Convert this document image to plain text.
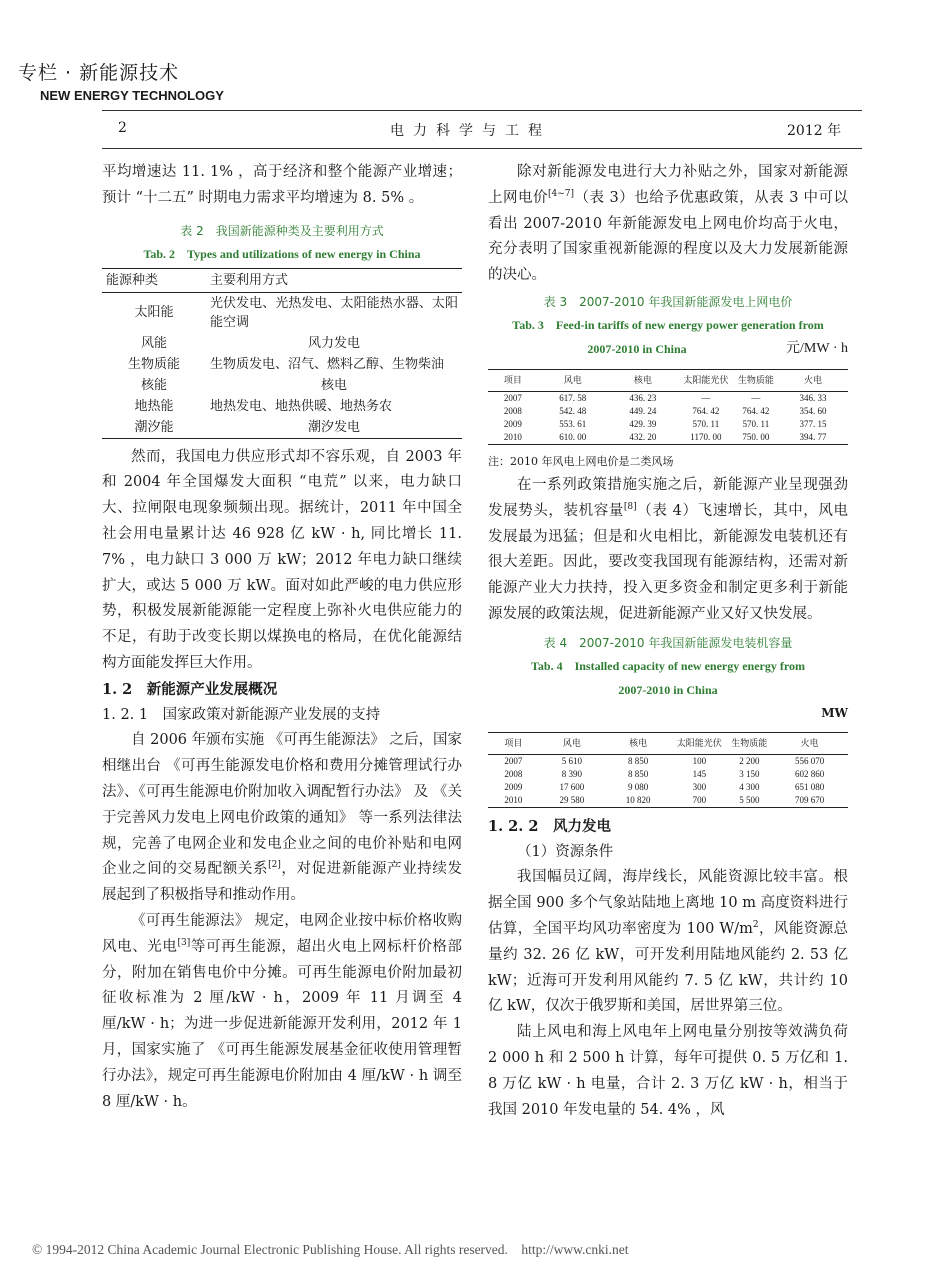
专栏 · 新能源技术
NEW ENERGY TECHNOLOGY
2	电力科学与工程	2012 年

平均增速达 11. 1% ，高于经济和整个能源产业增速；预计 “十二五” 时期电力需求平均增速为 8. 5% 。

表 2　我国新能源种类及主要利用方式
Tab. 2　Types and utilizations of new energy in China
能源种类	主要利用方式
太阳能	光伏发电、光热发电、太阳能热水器、太阳能空调
风能	风力发电
生物质能	生物质发电、沼气、燃料乙醇、生物柴油
核能	核电
地热能	地热发电、地热供暖、地热务农
潮汐能	潮汐发电

然而，我国电力供应形式却不容乐观，自 2003 年和 2004 年全国爆发大面积 “电荒” 以来，电力缺口大、拉闸限电现象频频出现。据统计，2011 年中国全社会用电量累计达 46 928 亿 kW · h, 同比增长 11. 7% ，电力缺口 3 000 万 kW；2012 年电力缺口继续扩大，或达 5 000 万 kW。面对如此严峻的电力供应形势，积极发展新能源能一定程度上弥补火电供应能力的不足，有助于改变长期以煤换电的格局，在优化能源结构方面能发挥巨大作用。

1. 2　新能源产业发展概况

1. 2. 1　国家政策对新能源产业发展的支持

自 2006 年颁布实施 《可再生能源法》 之后，国家相继出台 《可再生能源发电价格和费用分摊管理试行办法》、《可再生能源电价附加收入调配暂行办法》 及 《关于完善风力发电上网电价政策的通知》 等一系列法律法规，完善了电网企业和发电企业之间的电价补贴和电网企业之间的交易配额关系[2]，对促进新能源产业持续发展起到了积极指导和推动作用。

《可再生能源法》 规定，电网企业按中标价格收购风电、光电[3]等可再生能源，超出火电上网标杆价格部分，附加在销售电价中分摊。可再生能源电价附加最初征收标准为 2 厘/kW · h，2009 年 11 月调至 4 厘/kW · h；为进一步促进新能源开发利用，2012 年 1 月，国家实施了 《可再生能源发展基金征收使用管理暂行办法》，规定可再生能源电价附加由 4 厘/kW · h 调至 8 厘/kW · h。

除对新能源发电进行大力补贴之外，国家对新能源上网电价[4~7]（表 3）也给予优惠政策，从表 3 中可以看出 2007-2010 年新能源发电上网电价均高于火电，充分表明了国家重视新能源的程度以及大力发展新能源的决心。

表 3　2007-2010 年我国新能源发电上网电价
Tab. 3　Feed-in tariffs of new energy power generation from
2007-2010 in China	元/MW · h
项目	风电	核电	太阳能光伏	生物质能	火电
2007	617. 58	436. 23	—	—	346. 33
2008	542. 48	449. 24	764. 42	764. 42	354. 60
2009	553. 61	429. 39	570. 11	570. 11	377. 15
2010	610. 00	432. 20	1170. 00	750. 00	394. 77
注：2010 年风电上网电价是二类风场

在一系列政策措施实施之后，新能源产业呈现强劲发展势头，装机容量[8]（表 4）飞速增长，其中，风电发展最为迅猛；但是和火电相比，新能源发电装机还有很大差距。因此，要改变我国现有能源结构，还需对新能源产业大力扶持，投入更多资金和制定更多利于新能源发展的政策法规，促进新能源产业又好又快发展。

表 4　2007-2010 年我国新能源发电装机容量
Tab. 4　Installed capacity of new energy energy from
2007-2010 in China
MW
项目	风电	核电	太阳能光伏	生物质能	火电
2007	5 610	8 850	100	2 200	556 070
2008	8 390	8 850	145	3 150	602 860
2009	17 600	9 080	300	4 300	651 080
2010	29 580	10 820	700	5 500	709 670

1. 2. 2　风力发电

（1）资源条件

我国幅员辽阔，海岸线长，风能资源比较丰富。根据全国 900 多个气象站陆地上离地 10 m 高度资料进行估算，全国平均风功率密度为 100 $W/m^2$，风能资源总量约 32. 26 亿 kW，可开发利用陆地风能约 2. 53 亿 kW；近海可开发利用风能约 7. 5 亿 kW，共计约 10 亿 kW，仅次于俄罗斯和美国，居世界第三位。

陆上风电和海上风电年上网电量分别按等效满负荷 2 000 h 和 2 500 h 计算，每年可提供 0. 5 万亿和 1. 8 万亿 kW · h 电量，合计 2. 3 万亿 kW · h，相当于我国 2010 年发电量的 54. 4% ，风

© 1994-2012 China Academic Journal Electronic Publishing House. All rights reserved.　http://www.cnki.net
